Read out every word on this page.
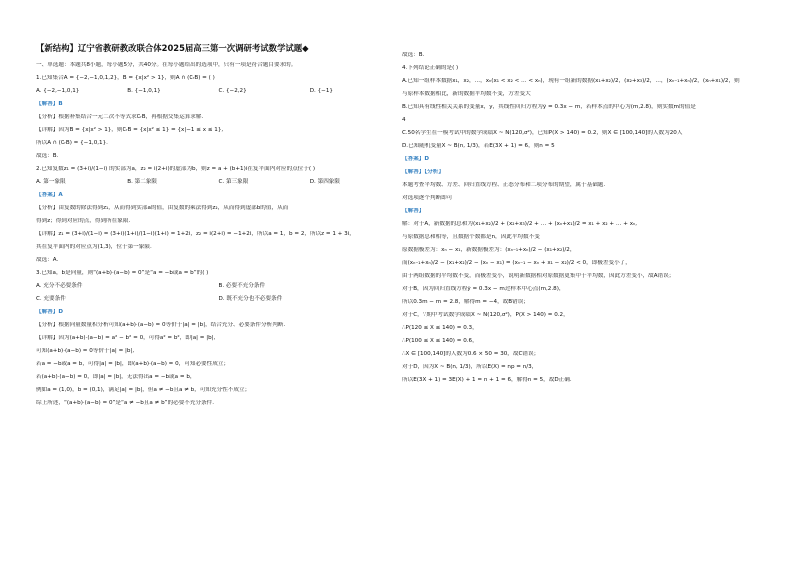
【新结构】辽宁省教研教改联合体2025届高三第一次调研考试数学试题◆
一、单选题：本题共8小题，每小题5分，共40分。在每小题给出的选项中，只有一项是符合题目要求的。
1.已知集合A = {−2,−1,0,1,2}，B = {x|x² > 1}，则A ∩ (∁ᵣB) = ( )
A. {−2,−1,0,1}	B. {−1,0,1}	C. {−2,2}	D. {−1}
【解答】B
【分析】根据补集结合一元二次不等式求∁ᵣB，再根据交集运算求解.
【详解】因为B = {x|x² > 1}，则∁ᵣB = {x|x² ≤ 1} = {x|−1 ≤ x ≤ 1},
所以A ∩ (∁ᵣB) = {−1,0,1}.
故选：B.
2.已知复数z₁ = (3+i)/(1−i) 的实部为a，z₂ = i(2+i)的虚部为b，则z = a + (b+1)i在复平面内对应的点位于( )
A. 第一象限	B. 第二象限	C. 第三象限	D. 第四象限
【答案】A
【分析】由复数的除法得到z₁，从而得到实部a的值，由复数的乘法得到z₂，从而得到虚部b的值，从而
得到z；得到对应的点，得到所在象限.
【详解】z₁ = (3+i)/(1−i) = (3+i)(1+i)/(1−i)(1+i) = 1+2i，z₂ = i(2+i) = −1+2i，所以a = 1，b = 2，所以z = 1 + 3i，
其在复平面内的对应点为(1,3)，位于第一象限.
故选：A.
3.已知a，b是向量，则“(a+b)·(a−b) = 0”是“a = −b或a = b”的( )
A. 充分不必要条件	B. 必要不充分条件
C. 充要条件	D. 既不充分也不必要条件
【解答】D
【分析】根据向量数量积分析可知(a+b)·(a−b) = 0等价于|a| = |b|，结合充分、必要条件分析判断.
【详解】因为(a+b)·(a−b) = a² − b² = 0，可得a² = b²，即|a| = |b|,
可知(a+b)·(a−b) = 0等价于|a| = |b|,
若a = −b或a = b，可得|a| = |b|，即(a+b)·(a−b) = 0，可知必要性成立；
若(a+b)·(a−b) = 0，即|a| = |b|，无法得出a = −b或a = b，
例如a = (1,0)，b = (0,1)，满足|a| = |b|，但a ≠ −b且a ≠ b，可知充分性不成立；
综上所述，“(a+b)·(a−b) = 0”是“a ≠ −b且a ≠ b”的必要不充分条件.
故选：B.
4.下列结论正确的是( )
A.已知一组样本数据x₁，x₂，…，xₙ(x₁ < x₂ < … < xₙ)，现有一组新的数据(x₁+x₂)/2，(x₂+x₃)/2，…，(xₙ₋₁+xₙ)/2，(xₙ+x₁)/2，则
与原样本数据相比，新的数据平均数不变，方差变大
B.已知具有线性相关关系的变量x，y，其线性回归方程为ŷ = 0.3x − m，若样本点的中心为(m,2.8)，则实数m的值是
4
C.50名学生在一模考试中的数学成绩X ~ N(120,σ²)，已知P(X > 140) = 0.2，则X ∈ [100,140]的人数为20人
D.已知随机变量X ~ B(n, 1/3)，若E(3X + 1) = 6，则n = 5
【答案】D
【解答】【分析】
本题考查平均数、方差、回归直线方程、正态分布和二项分布的期望，属于基础题.
对选项逐个判断即可
【解答】
解：对于A，新数据的总和为(x₁+x₂)/2 + (x₂+x₃)/2 + … + (xₙ+x₁)/2 = x₁ + x₂ + … + xₙ,
与原数据总和相等，且数据个数都是n，因此平均数不变
原数据极差为：xₙ − x₁，新数据极差为：(xₙ₋₁+xₙ)/2 − (x₁+x₂)/2，
而(xₙ₋₁+xₙ)/2 − (x₁+x₂)/2 − (xₙ − x₁) = (xₙ₋₁ − xₙ + x₁ − x₂)/2 < 0，即极差变小了，
由于两组数据的平均数不变，而极差变小，说明新数据相对原数据更集中于平均数，因此方差变小，故A错误；
对于B，因为回归直线方程ŷ = 0.3x − m过样本中心点(m,2.8)，
所以0.3m − m = 2.8，解得m = −4，故B错误；
对于C，∵期中考试数学成绩X ~ N(120,σ²)，P(X > 140) = 0.2，
∴P(120 ≤ X ≤ 140) = 0.3，
∴P(100 ≤ X ≤ 140) = 0.6，
∴X ∈ [100,140]的人数为0.6 × 50 = 30，故C错误；
对于D，因为X ~ B(n, 1/3)，所以E(X) = np = n/3，
所以E(3X + 1) = 3E(X) + 1 = n + 1 = 6，解得n = 5，故D正确.
